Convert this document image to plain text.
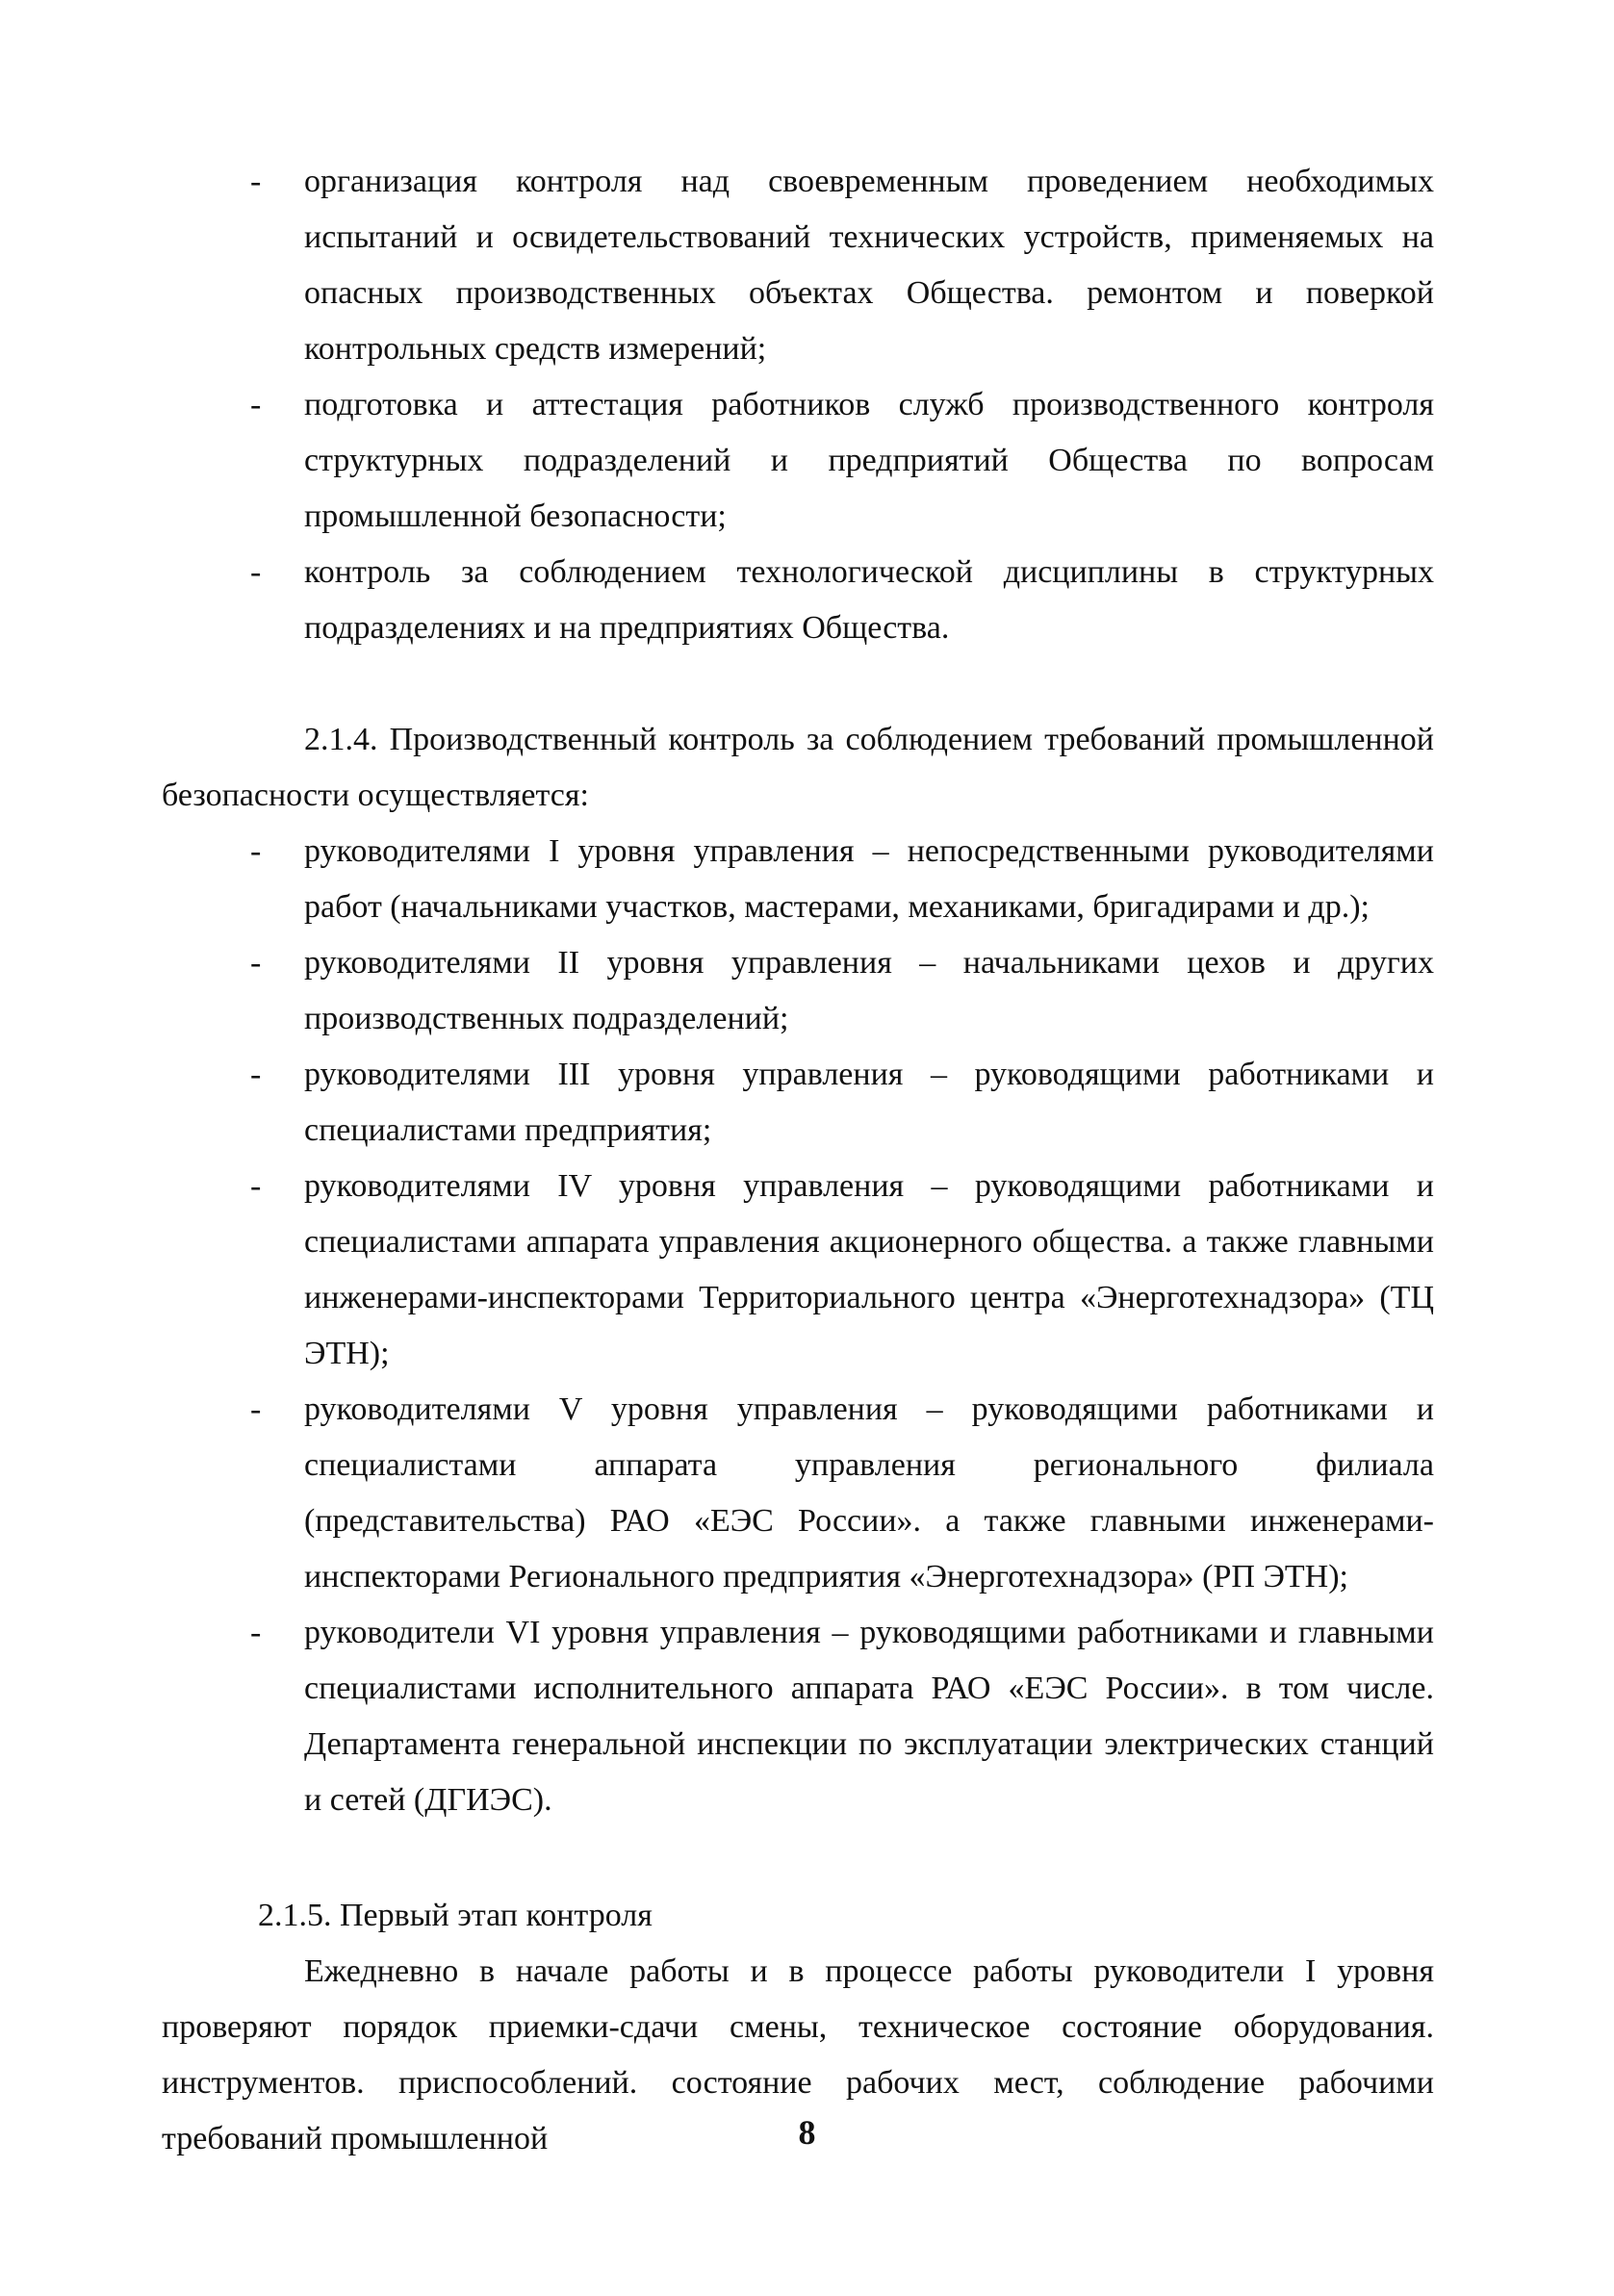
-	организация контроля над своевременным проведением необходимых испытаний и освидетельствований технических устройств, применяемых на опасных производственных объектах Общества. ремонтом и поверкой контрольных средств измерений;
-	подготовка и аттестация работников служб производственного контроля структурных подразделений и предприятий Общества по вопросам промышленной безопасности;
-	контроль за соблюдением технологической дисциплины в структурных подразделениях и на предприятиях Общества.

2.1.4. Производственный контроль за соблюдением требований промышленной безопасности осуществляется:

-	руководителями I уровня управления – непосредственными руководителями работ (начальниками участков, мастерами, механиками, бригадирами и др.);
-	руководителями II уровня управления – начальниками цехов и других производственных подразделений;
-	руководителями III уровня управления – руководящими работниками и специалистами предприятия;
-	руководителями IV уровня управления – руководящими работниками и специалистами аппарата управления акционерного общества. а также главными инженерами-инспекторами Территориального центра «Энерготехнадзора» (ТЦ ЭТН);
-	руководителями V уровня управления – руководящими работниками и специалистами аппарата управления регионального филиала (представительства) РАО «ЕЭС России». а также главными инженерами-инспекторами Регионального предприятия «Энерготехнадзора» (РП ЭТН);
-	руководители VI уровня управления – руководящими работниками и главными специалистами исполнительного аппарата РАО «ЕЭС России». в том числе. Департамента генеральной инспекции по эксплуатации электрических станций и сетей (ДГИЭС).

2.1.5. Первый этап контроля

Ежедневно в начале работы и в процессе работы руководители I уровня проверяют порядок приемки-сдачи смены, техническое состояние оборудования. инструментов. приспособлений. состояние рабочих мест, соблюдение рабочими требований промышленной	8
